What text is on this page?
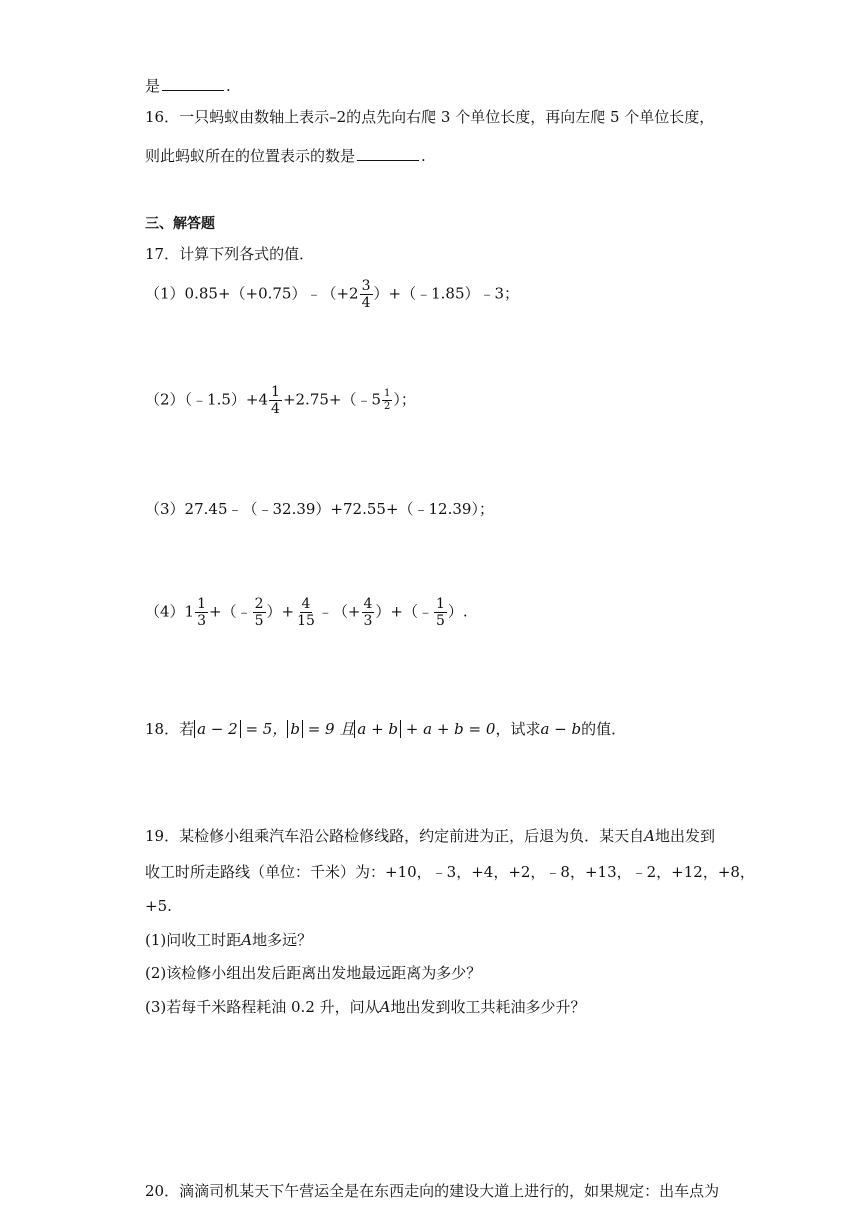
是	.
16．一只蚂蚁由数轴上表示–2的点先向右爬 3 个单位长度，再向左爬 5 个单位长度，
则此蚂蚁所在的位置表示的数是	.
三、解答题
17．计算下列各式的值．
（1）0.85+（+0.75）﹣（+2 $\frac{3}{4}$ ）+（﹣1.85）﹣3；
（2）（﹣1.5）+4 $\frac{1}{4}$ +2.75+（﹣5 $\frac{1}{2}$ ）；
（3）27.45﹣（﹣32.39）+72.55+（﹣12.39）；
$(4)1 \frac{1}{3}$ +（﹣ $\frac{2}{5}$ ）+ $\frac{4}{15}$ ﹣（+ $\frac{4}{3}$ ）+（﹣ $\frac{1}{5}$ ）.
18．若 a − 2 = 5， b = 9 且 a + b + a + b = 0，试求a − b的值．
19．某检修小组乘汽车沿公路检修线路，约定前进为正，后退为负．某天自A地出发到
收工时所走路线（单位：千米）为：+10，﹣3，+4，+2，﹣8，+13，﹣2，+12，+8，
+5.
(1)问收工时距A地多远？
(2)该检修小组出发后距离出发地最远距离为多少？
(3)若每千米路程耗油 0.2 升，问从A地出发到收工共耗油多少升？
20．滴滴司机某天下午营运全是在东西走向的建设大道上进行的，如果规定：出车点为
